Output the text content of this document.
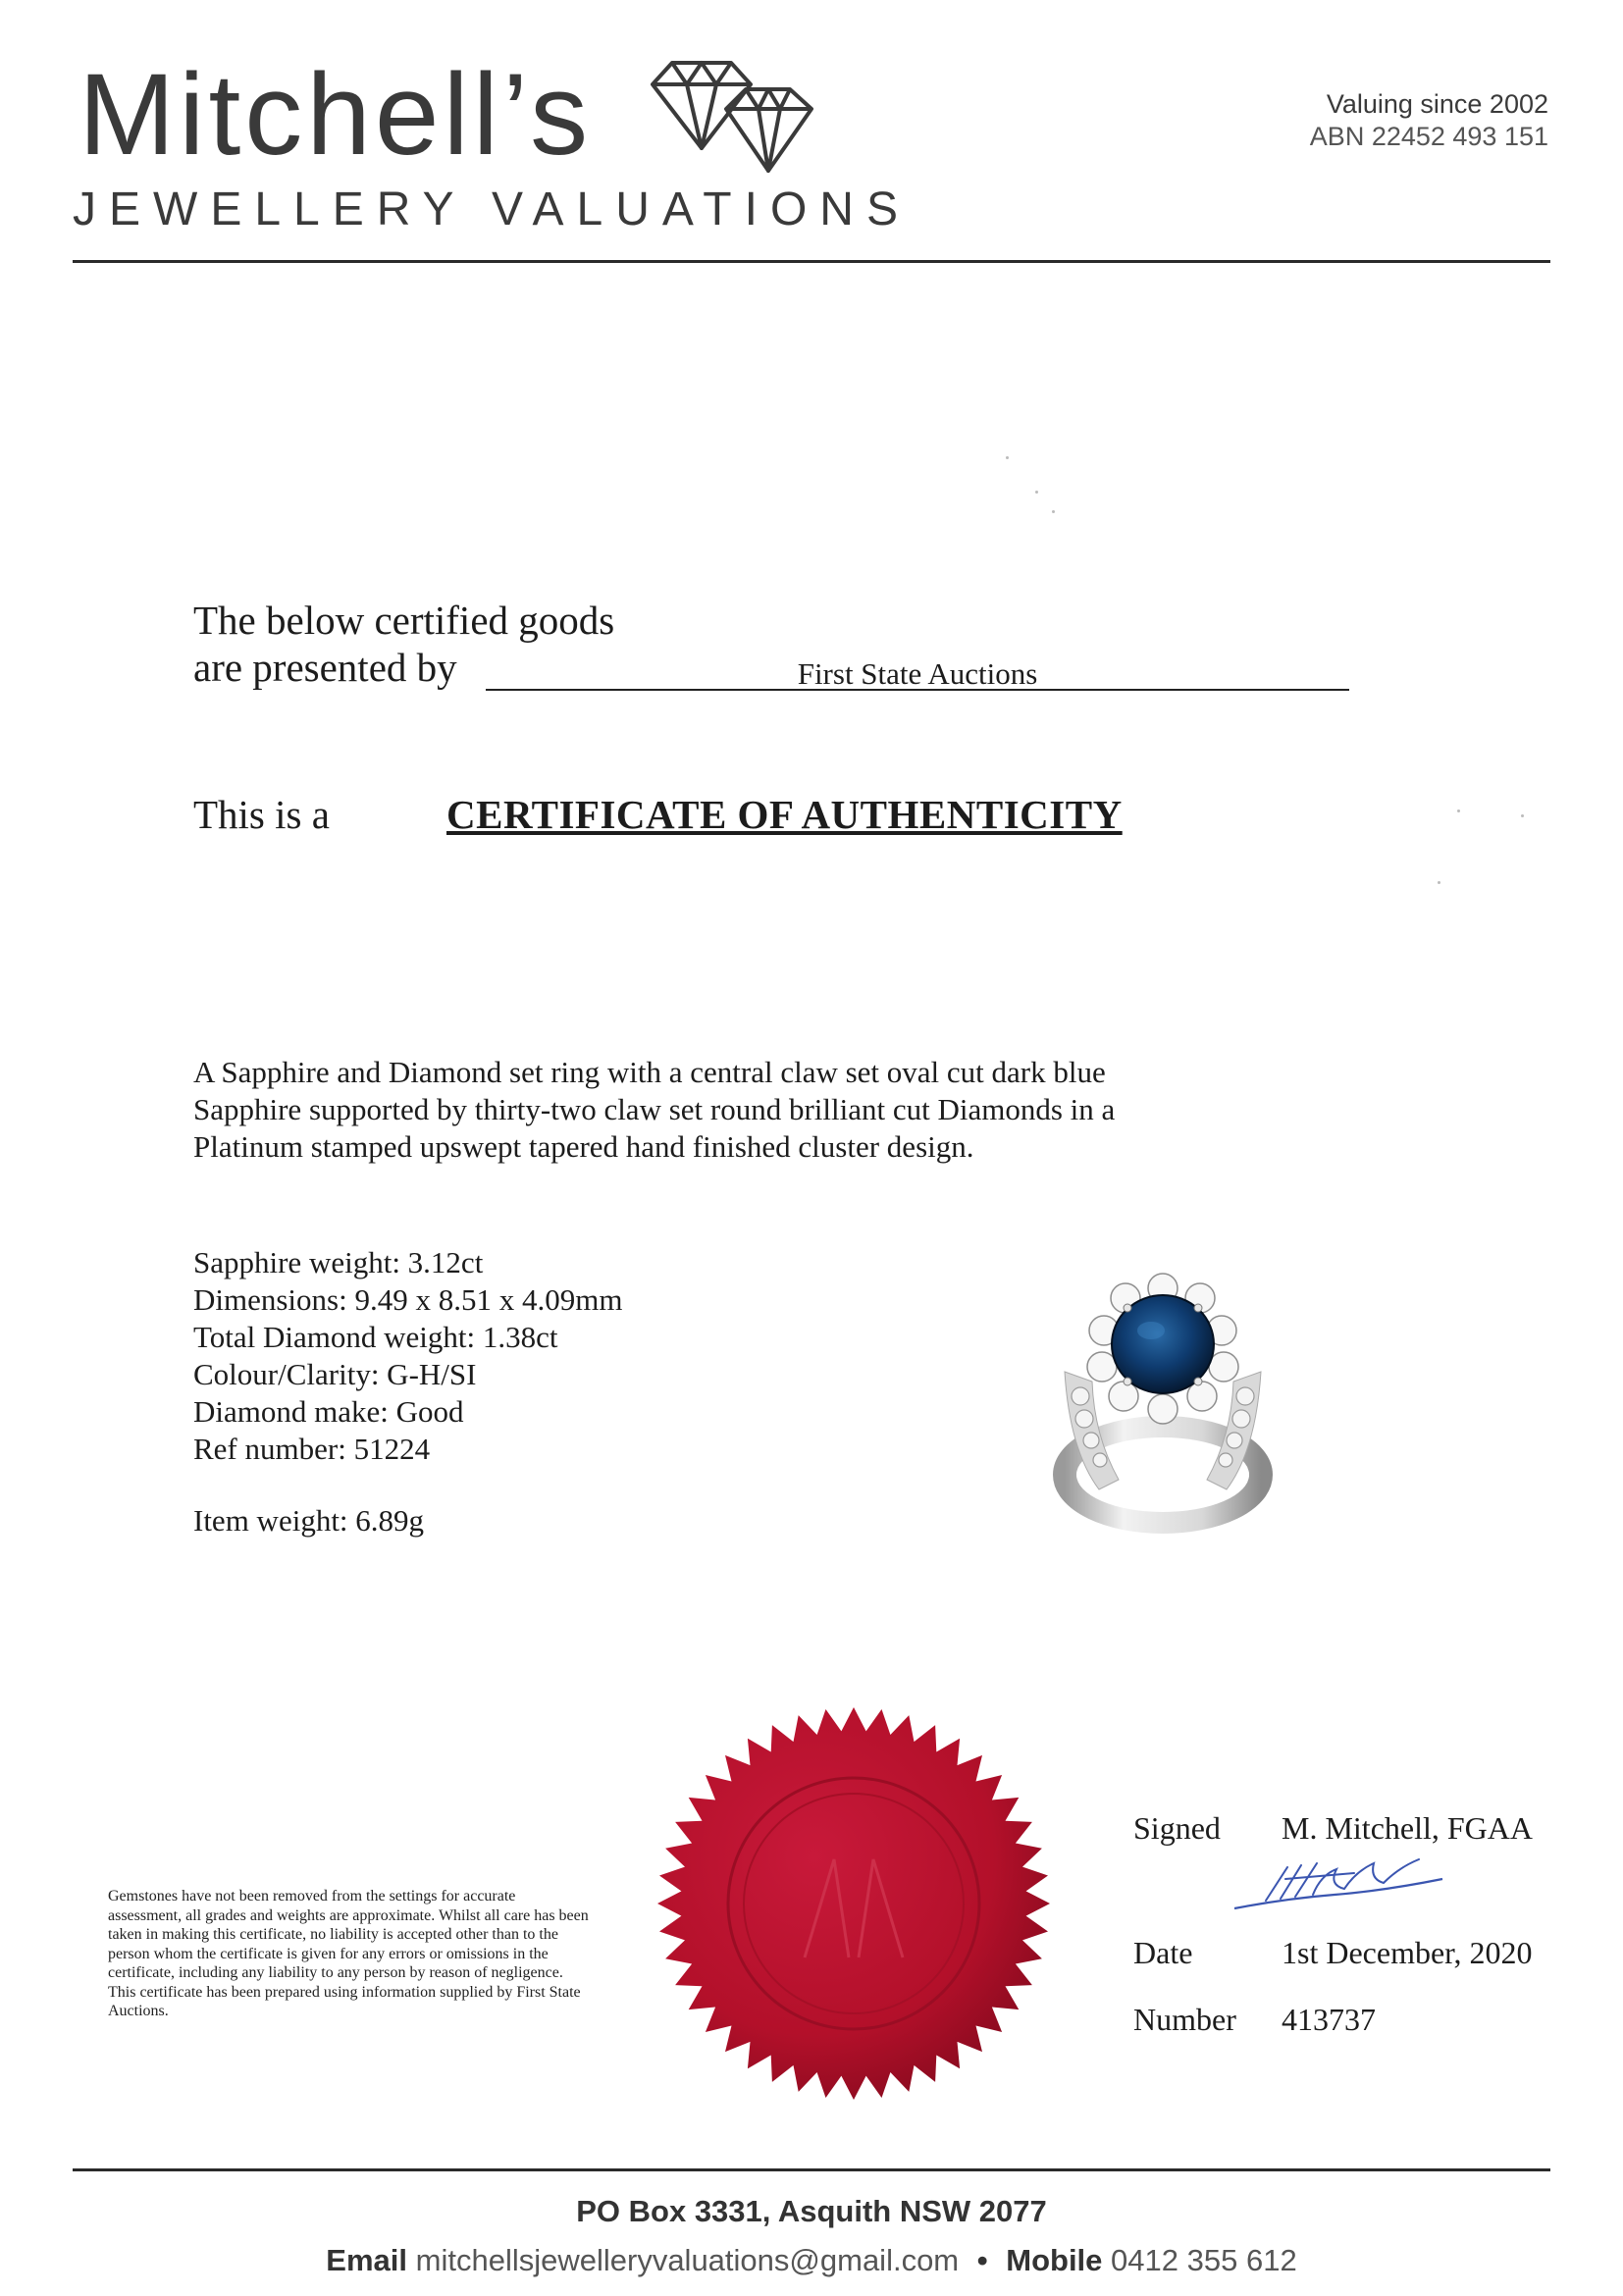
Mitchell’s
JEWELLERY VALUATIONS
Valuing since 2002
ABN 22452 493 151
The below certified goods
are presented by	First State Auctions
This is a	CERTIFICATE OF AUTHENTICITY
A Sapphire and Diamond set ring with a central claw set oval cut dark blue Sapphire supported by thirty-two claw set round brilliant cut Diamonds in a Platinum stamped upswept tapered hand finished cluster design.
Sapphire weight: 3.12ct
Dimensions: 9.49 x 8.51 x 4.09mm
Total Diamond weight: 1.38ct
Colour/Clarity: G-H/SI
Diamond make: Good
Ref number: 51224
Item weight: 6.89g
Gemstones have not been removed from the settings for accurate assessment, all grades and weights are approximate. Whilst all care has been taken in making this certificate, no liability is accepted other than to the person whom the certificate is given for any errors or omissions in the certificate, including any liability to any person by reason of negligence. This certificate has been prepared using information supplied by First State Auctions.
Signed M. Mitchell, FGAA
Date	1st December, 2020
Number 413737
PO Box 3331, Asquith NSW 2077
Email mitchellsjewelleryvaluations@gmail.com • Mobile 0412 355 612
